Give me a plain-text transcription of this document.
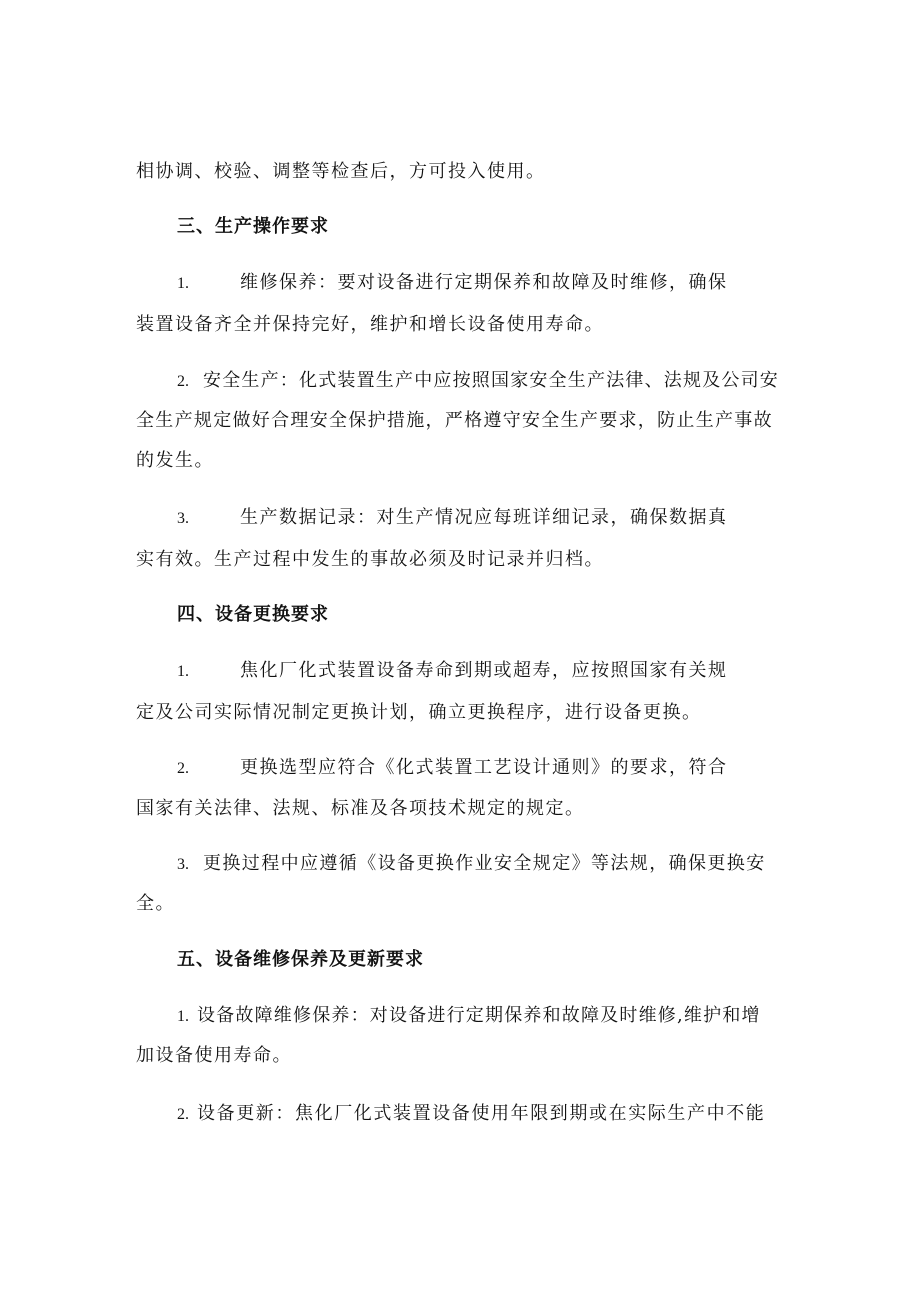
相协调、校验、调整等检查后，方可投入使用。
三、生产操作要求
1.	维修保养：要对设备进行定期保养和故障及时维修，确保
装置设备齐全并保持完好，维护和增长设备使用寿命。
2. 安全生产：化式装置生产中应按照国家安全生产法律、法规及公司安
全生产规定做好合理安全保护措施，严格遵守安全生产要求，防止生产事故
的发生。
3.	生产数据记录：对生产情况应每班详细记录，确保数据真
实有效。生产过程中发生的事故必须及时记录并归档。
四、设备更换要求
1.	焦化厂化式装置设备寿命到期或超寿，应按照国家有关规
定及公司实际情况制定更换计划，确立更换程序，进行设备更换。
2.	更换选型应符合《化式装置工艺设计通则》的要求，符合
国家有关法律、法规、标准及各项技术规定的规定。
3. 更换过程中应遵循《设备更换作业安全规定》等法规，确保更换安
全。
五、设备维修保养及更新要求
1. 设备故障维修保养：对设备进行定期保养和故障及时维修,维护和增
加设备使用寿命。
2. 设备更新：焦化厂化式装置设备使用年限到期或在实际生产中不能
